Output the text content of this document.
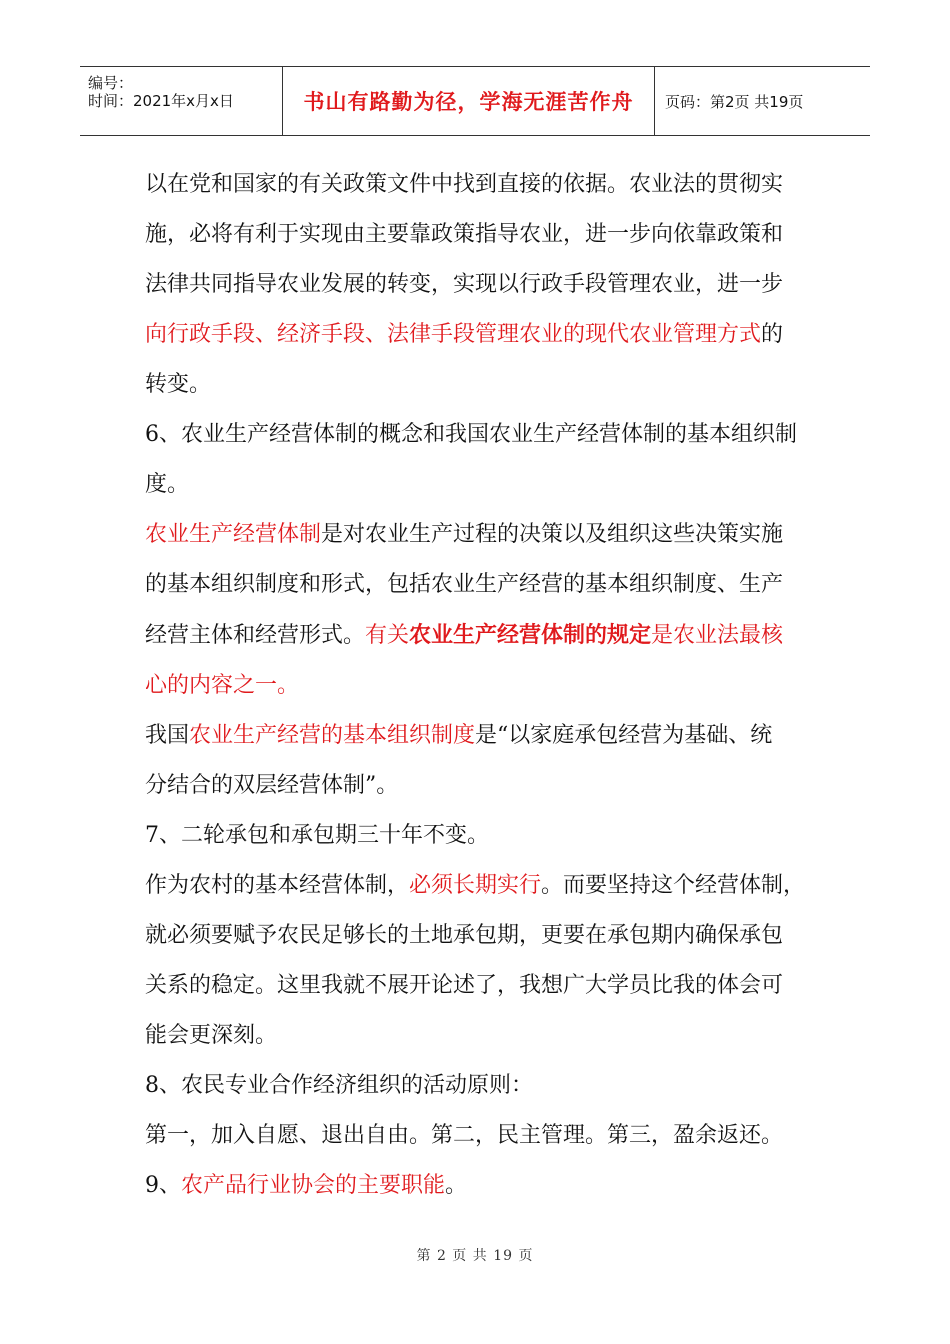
编号：
时间：2021年x月x日	书山有路勤为径，学海无涯苦作舟	页码：第2页 共19页

以在党和国家的有关政策文件中找到直接的依据。农业法的贯彻实

施，必将有利于实现由主要靠政策指导农业，进一步向依靠政策和

法律共同指导农业发展的转变，实现以行政手段管理农业，进一步

向行政手段、经济手段、法律手段管理农业的现代农业管理方式的

转变。

6、农业生产经营体制的概念和我国农业生产经营体制的基本组织制

度。

农业生产经营体制是对农业生产过程的决策以及组织这些决策实施

的基本组织制度和形式，包括农业生产经营的基本组织制度、生产

经营主体和经营形式。有关农业生产经营体制的规定是农业法最核

心的内容之一。

我国农业生产经营的基本组织制度是“以家庭承包经营为基础、统

分结合的双层经营体制”。

7、二轮承包和承包期三十年不变。

作为农村的基本经营体制，必须长期实行。而要坚持这个经营体制，

就必须要赋予农民足够长的土地承包期，更要在承包期内确保承包

关系的稳定。这里我就不展开论述了，我想广大学员比我的体会可

能会更深刻。

8、农民专业合作经济组织的活动原则：

第一，加入自愿、退出自由。第二，民主管理。第三，盈余返还。

9、农产品行业协会的主要职能。

第 2 页 共 19 页
